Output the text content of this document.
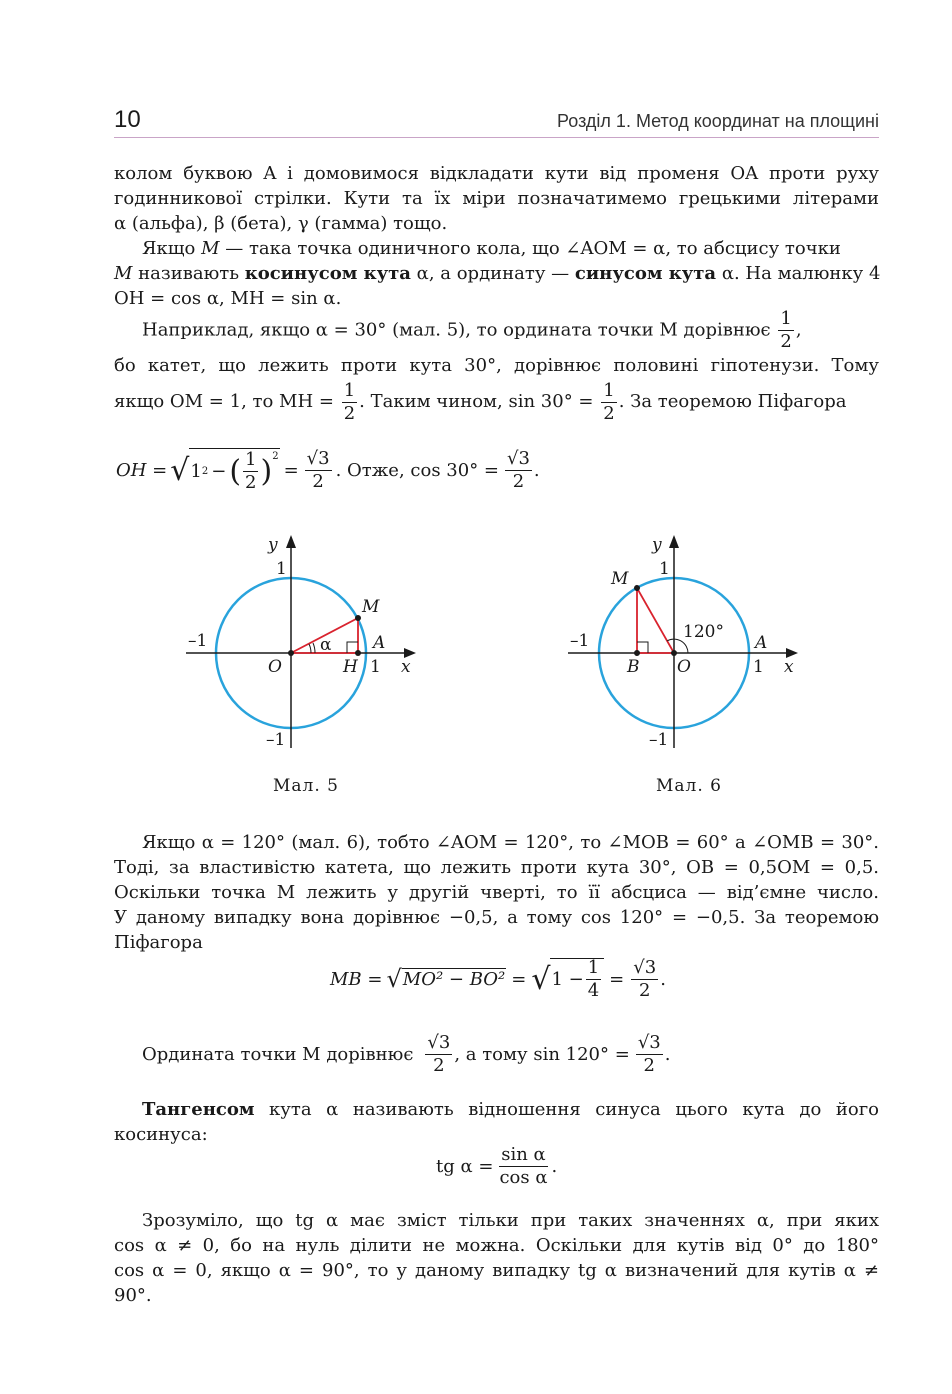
10	Розділ 1. Метод координат на площині
колом буквою A і домовимося відкладати кути від променя OA проти руху
годинникової стрілки. Кути та їх міри позначатимемо грецькими літерами
α (альфа), β (бета), γ (гамма) тощо.
Якщо M — така точка одиничного кола, що ∠AOM = α, то абсцису точки
M називають косинусом кута α, а ординату — синусом кута α. На малюнку 4
OH = cos α, MH = sin α.
Наприклад, якщо α = 30° (мал. 5), то ордината точки M дорівнює $\frac{1}{2}$ ,
бо катет, що лежить проти кута 30°, дорівнює половині гіпотенузи. Тому
якщо OM = 1, то MH = $\frac{1}{2}$ . Таким чином, $\sin 30^\circ = \frac{1}{2}$ . За теоремою Піфагора
OH = √ 1 2 − ( $\frac{1}{2} )^2$
= $\frac{√3}{2}$ . Отже, $\cos 30^\circ = \frac{√3}{2}$ .
y
1
–1
O	H 1
A
x
M
α
–1
Мал. 5
y
1
–1
M
120°
A
B O	1 x
–1
Мал. 6
Якщо α = 120° (мал. 6), тобто ∠AOM = 120°, то ∠MOB = 60° а ∠OMB = 30°.
Тоді, за властивістю катета, що лежить проти кута 30°, OB = 0,5OM = 0,5.
Оскільки точка M лежить у другій чверті, то її абсциса — від’ємне число.
У даному випадку вона дорівнює −0,5, а тому cos 120° = −0,5. За теоремою
Піфагора
MB = √ MO² − BO² = √ $1 - \frac{1}{4} = \frac{√3}{2}$ .
Ордината точки M дорівнює $\frac{√3}{2}$ , а тому $\sin 120^\circ = \frac{√3}{2}$ .
Тангенсом кута α називають відношення синуса цього кута до його
косинуса:
tg $\alpha = \frac{\text{sin α}}{\text{cos α}}$ .
Зрозуміло, що tg α має зміст тільки при таких значеннях α, при яких
cos α ≠ 0, бо на нуль ділити не можна. Оскільки для кутів від 0° до 180°
cos α = 0, якщо α = 90°, то у даному випадку tg α визначений для кутів α ≠ 90°.
